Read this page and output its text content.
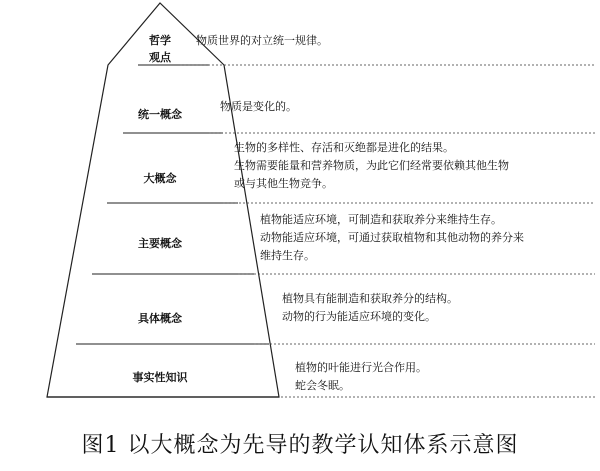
哲学
观点
物质世界的对立统一规律。
统一概念
物质是变化的。
大概念
生物的多样性、存活和灭绝都是进化的结果。
生物需要能量和营养物质，为此它们经常要依赖其他生物
或与其他生物竞争。
主要概念
植物能适应环境，可制造和获取养分来维持生存。
动物能适应环境，可通过获取植物和其他动物的养分来
维持生存。
具体概念
植物具有能制造和获取养分的结构。
动物的行为能适应环境的变化。
事实性知识
植物的叶能进行光合作用。
蛇会冬眠。
图1 以大概念为先导的教学认知体系示意图
